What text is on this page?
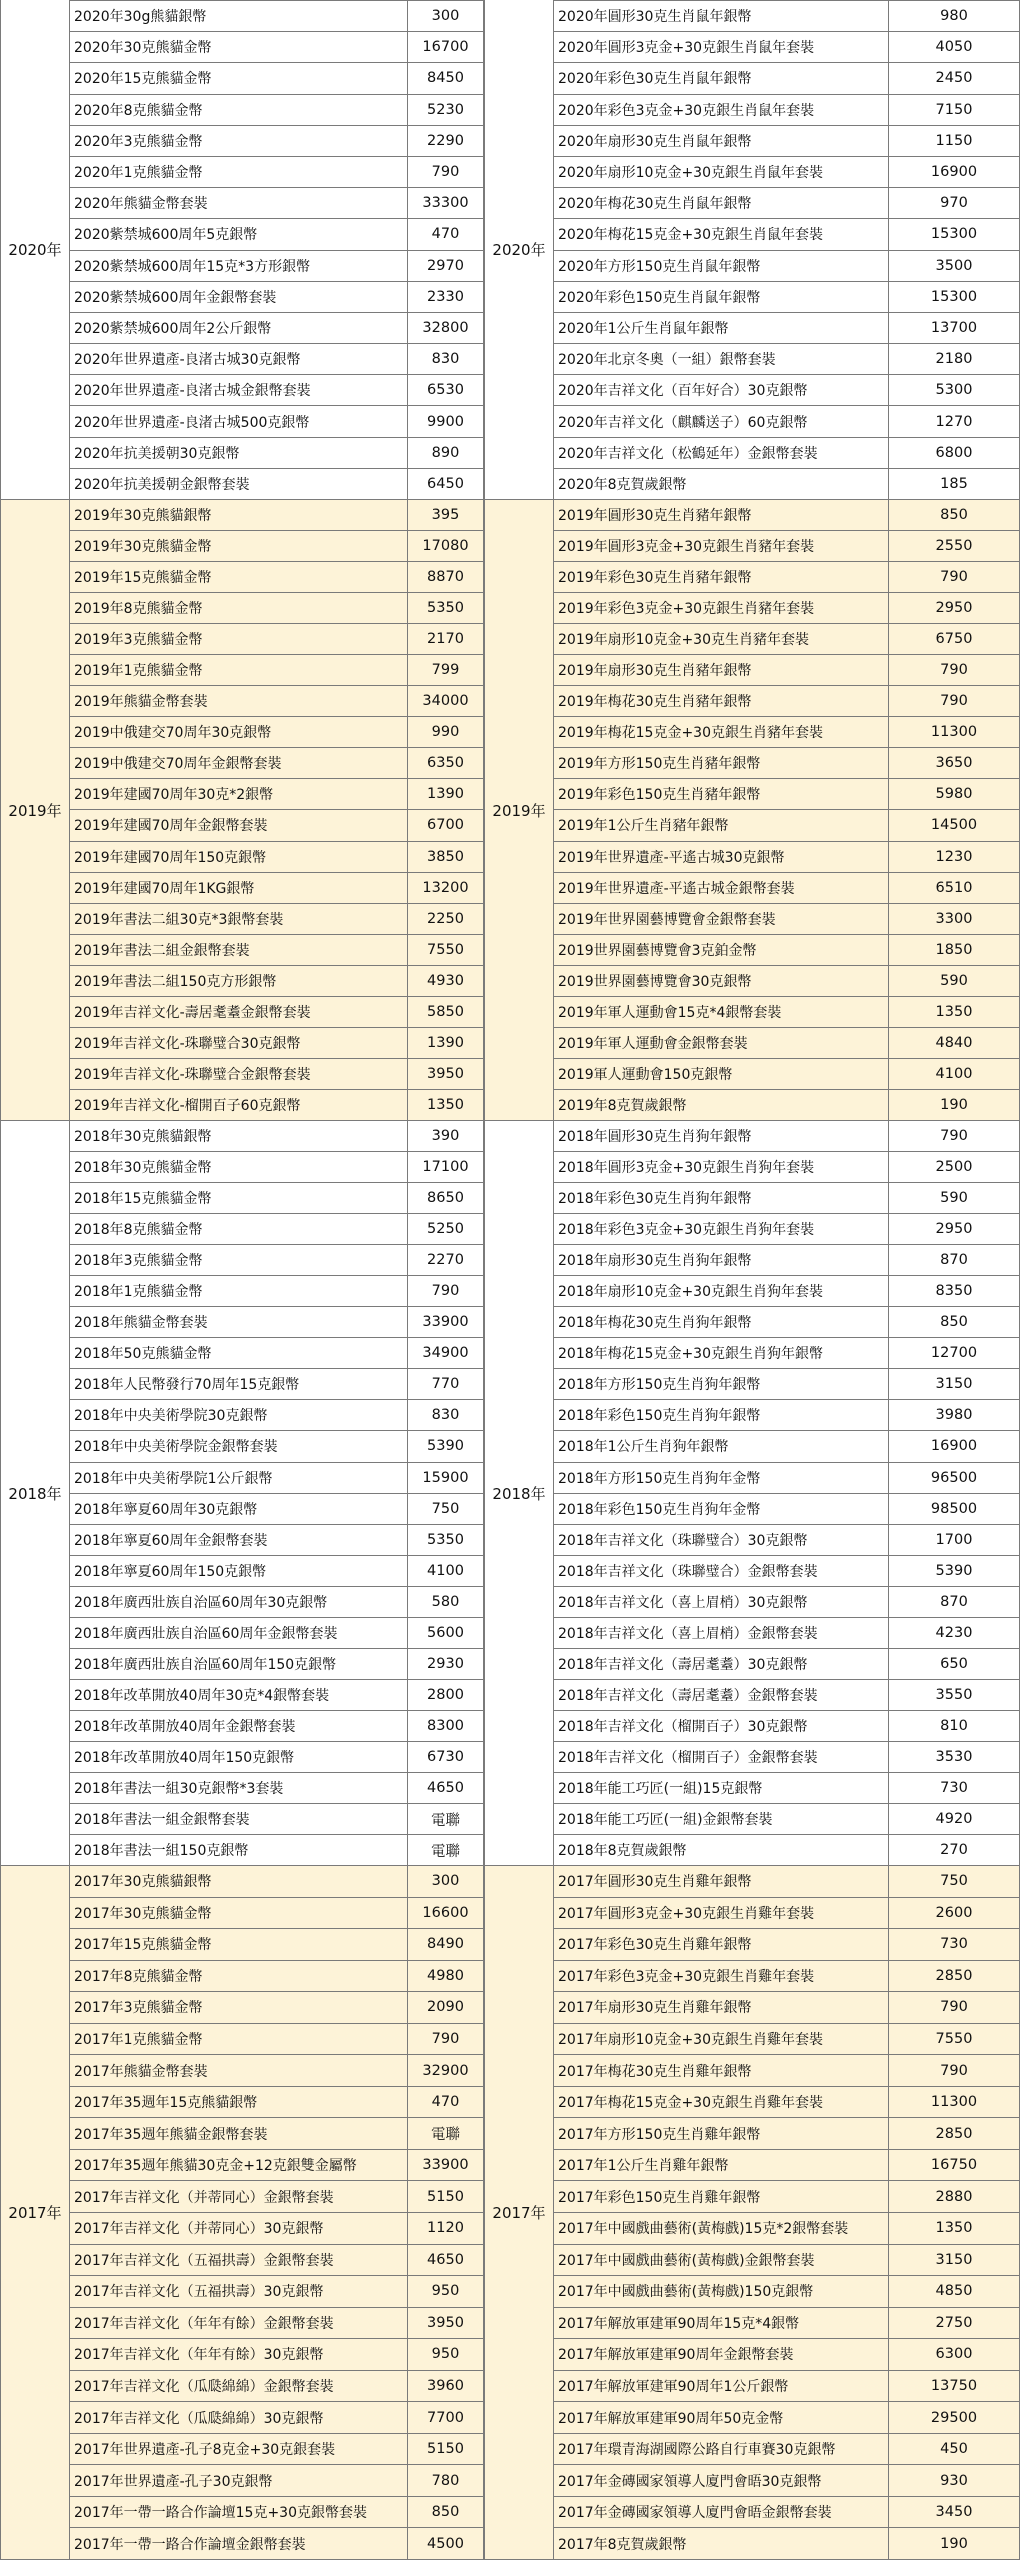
2020年
2020年30g熊貓銀幣	300
2020年30克熊貓金幣	16700
2020年15克熊貓金幣	8450
2020年8克熊貓金幣	5230
2020年3克熊貓金幣	2290
2020年1克熊貓金幣	790
2020年熊貓金幣套裝	33300
2020紫禁城600周年5克銀幣	470
2020紫禁城600周年15克*3方形銀幣	2970
2020紫禁城600周年金銀幣套裝	2330
2020紫禁城600周年2公斤銀幣	32800
2020年世界遺產-良渚古城30克銀幣	830
2020年世界遺產-良渚古城金銀幣套裝	6530
2020年世界遺產-良渚古城500克銀幣	9900
2020年抗美援朝30克銀幣	890
2020年抗美援朝金銀幣套裝	6450
2020年
2020年圓形30克生肖鼠年銀幣	980
2020年圓形3克金+30克銀生肖鼠年套裝	4050
2020年彩色30克生肖鼠年銀幣	2450
2020年彩色3克金+30克銀生肖鼠年套裝	7150
2020年扇形30克生肖鼠年銀幣	1150
2020年扇形10克金+30克銀生肖鼠年套裝	16900
2020年梅花30克生肖鼠年銀幣	970
2020年梅花15克金+30克銀生肖鼠年套裝	15300
2020年方形150克生肖鼠年銀幣	3500
2020年彩色150克生肖鼠年銀幣	15300
2020年1公斤生肖鼠年銀幣	13700
2020年北京冬奧（一組）銀幣套裝	2180
2020年吉祥文化（百年好合）30克銀幣	5300
2020年吉祥文化（麒麟送子）60克銀幣	1270
2020年吉祥文化（松鶴延年）金銀幣套裝	6800
2020年8克賀歲銀幣	185
2019年
2019年30克熊貓銀幣	395
2019年30克熊貓金幣	17080
2019年15克熊貓金幣	8870
2019年8克熊貓金幣	5350
2019年3克熊貓金幣	2170
2019年1克熊貓金幣	799
2019年熊貓金幣套裝	34000
2019中俄建交70周年30克銀幣	990
2019中俄建交70周年金銀幣套裝	6350
2019年建國70周年30克*2銀幣	1390
2019年建國70周年金銀幣套裝	6700
2019年建國70周年150克銀幣	3850
2019年建國70周年1KG銀幣	13200
2019年書法二組30克*3銀幣套裝	2250
2019年書法二組金銀幣套裝	7550
2019年書法二組150克方形銀幣	4930
2019年吉祥文化-壽居耄耋金銀幣套裝	5850
2019年吉祥文化-珠聯璧合30克銀幣	1390
2019年吉祥文化-珠聯璧合金銀幣套裝	3950
2019年吉祥文化-榴開百子60克銀幣	1350
2019年
2019年圓形30克生肖豬年銀幣	850
2019年圓形3克金+30克銀生肖豬年套裝	2550
2019年彩色30克生肖豬年銀幣	790
2019年彩色3克金+30克銀生肖豬年套裝	2950
2019年扇形10克金+30克生肖豬年套裝	6750
2019年扇形30克生肖豬年銀幣	790
2019年梅花30克生肖豬年銀幣	790
2019年梅花15克金+30克銀生肖豬年套裝	11300
2019年方形150克生肖豬年銀幣	3650
2019年彩色150克生肖豬年銀幣	5980
2019年1公斤生肖豬年銀幣	14500
2019年世界遺產-平遙古城30克銀幣	1230
2019年世界遺產-平遙古城金銀幣套裝	6510
2019年世界園藝博覽會金銀幣套裝	3300
2019世界園藝博覽會3克鉑金幣	1850
2019世界園藝博覽會30克銀幣	590
2019年軍人運動會15克*4銀幣套裝	1350
2019年軍人運動會金銀幣套裝	4840
2019軍人運動會150克銀幣	4100
2019年8克賀歲銀幣	190
2018年
2018年30克熊貓銀幣	390
2018年30克熊貓金幣	17100
2018年15克熊貓金幣	8650
2018年8克熊貓金幣	5250
2018年3克熊貓金幣	2270
2018年1克熊貓金幣	790
2018年熊貓金幣套裝	33900
2018年50克熊貓金幣	34900
2018年人民幣發行70周年15克銀幣	770
2018年中央美術學院30克銀幣	830
2018年中央美術學院金銀幣套裝	5390
2018年中央美術學院1公斤銀幣	15900
2018年寧夏60周年30克銀幣	750
2018年寧夏60周年金銀幣套裝	5350
2018年寧夏60周年150克銀幣	4100
2018年廣西壯族自治區60周年30克銀幣	580
2018年廣西壯族自治區60周年金銀幣套裝	5600
2018年廣西壯族自治區60周年150克銀幣	2930
2018年改革開放40周年30克*4銀幣套裝	2800
2018年改革開放40周年金銀幣套裝	8300
2018年改革開放40周年150克銀幣	6730
2018年書法一組30克銀幣*3套裝	4650
2018年書法一組金銀幣套裝	電聯
2018年書法一組150克銀幣	電聯
2018年
2018年圓形30克生肖狗年銀幣	790
2018年圓形3克金+30克銀生肖狗年套裝	2500
2018年彩色30克生肖狗年銀幣	590
2018年彩色3克金+30克銀生肖狗年套裝	2950
2018年扇形30克生肖狗年銀幣	870
2018年扇形10克金+30克銀生肖狗年套裝	8350
2018年梅花30克生肖狗年銀幣	850
2018年梅花15克金+30克銀生肖狗年銀幣	12700
2018年方形150克生肖狗年銀幣	3150
2018年彩色150克生肖狗年銀幣	3980
2018年1公斤生肖狗年銀幣	16900
2018年方形150克生肖狗年金幣	96500
2018年彩色150克生肖狗年金幣	98500
2018年吉祥文化（珠聯璧合）30克銀幣	1700
2018年吉祥文化（珠聯璧合）金銀幣套裝	5390
2018年吉祥文化（喜上眉梢）30克銀幣	870
2018年吉祥文化（喜上眉梢）金銀幣套裝	4230
2018年吉祥文化（壽居耄耋）30克銀幣	650
2018年吉祥文化（壽居耄耋）金銀幣套裝	3550
2018年吉祥文化（榴開百子）30克銀幣	810
2018年吉祥文化（榴開百子）金銀幣套裝	3530
2018年能工巧匠(一組)15克銀幣	730
2018年能工巧匠(一組)金銀幣套裝	4920
2018年8克賀歲銀幣	270
2017年
2017年30克熊貓銀幣	300
2017年30克熊貓金幣	16600
2017年15克熊貓金幣	8490
2017年8克熊貓金幣	4980
2017年3克熊貓金幣	2090
2017年1克熊貓金幣	790
2017年熊貓金幣套裝	32900
2017年35週年15克熊貓銀幣	470
2017年35週年熊貓金銀幣套裝	電聯
2017年35週年熊貓30克金+12克銀雙金屬幣	33900
2017年吉祥文化（并蒂同心）金銀幣套裝	5150
2017年吉祥文化（并蒂同心）30克銀幣	1120
2017年吉祥文化（五福拱壽）金銀幣套裝	4650
2017年吉祥文化（五福拱壽）30克銀幣	950
2017年吉祥文化（年年有餘）金銀幣套裝	3950
2017年吉祥文化（年年有餘）30克銀幣	950
2017年吉祥文化（瓜瓞綿綿）金銀幣套裝	3960
2017年吉祥文化（瓜瓞綿綿）30克銀幣	7700
2017年世界遺產-孔子8克金+30克銀套裝	5150
2017年世界遺產-孔子30克銀幣	780
2017年一帶一路合作論壇15克+30克銀幣套裝	850
2017年一帶一路合作論壇金銀幣套裝	4500
2017年
2017年圓形30克生肖雞年銀幣	750
2017年圓形3克金+30克銀生肖雞年套裝	2600
2017年彩色30克生肖雞年銀幣	730
2017年彩色3克金+30克銀生肖雞年套裝	2850
2017年扇形30克生肖雞年銀幣	790
2017年扇形10克金+30克銀生肖雞年套裝	7550
2017年梅花30克生肖雞年銀幣	790
2017年梅花15克金+30克銀生肖雞年套裝	11300
2017年方形150克生肖雞年銀幣	2850
2017年1公斤生肖雞年銀幣	16750
2017年彩色150克生肖雞年銀幣	2880
2017年中國戲曲藝術(黃梅戲)15克*2銀幣套裝	1350
2017年中國戲曲藝術(黃梅戲)金銀幣套裝	3150
2017年中國戲曲藝術(黃梅戲)150克銀幣	4850
2017年解放軍建軍90周年15克*4銀幣	2750
2017年解放軍建軍90周年金銀幣套裝	6300
2017年解放軍建軍90周年1公斤銀幣	13750
2017年解放軍建軍90周年50克金幣	29500
2017年環青海湖國際公路自行車賽30克銀幣	450
2017年金磚國家領導人廈門會晤30克銀幣	930
2017年金磚國家領導人廈門會晤金銀幣套裝	3450
2017年8克賀歲銀幣	190
